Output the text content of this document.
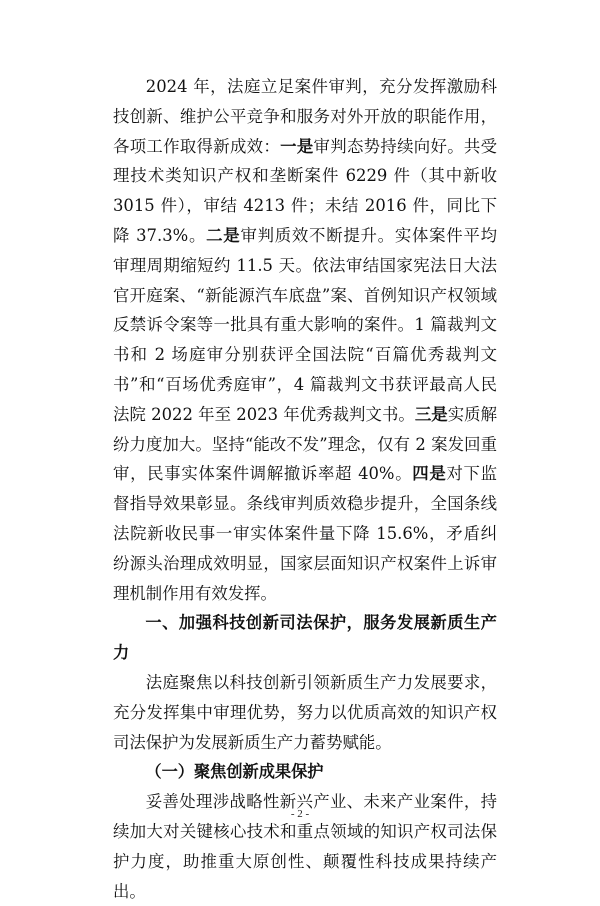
2024 年，法庭立足案件审判，充分发挥激励科技创新、维护公平竞争和服务对外开放的职能作用，各项工作取得新成效：一是审判态势持续向好。共受理技术类知识产权和垄断案件 6229 件（其中新收 3015 件），审结 4213 件；未结 2016 件，同比下降 37.3%。二是审判质效不断提升。实体案件平均审理周期缩短约 11.5 天。依法审结国家宪法日大法官开庭案、“新能源汽车底盘”案、首例知识产权领域反禁诉令案等一批具有重大影响的案件。1 篇裁判文书和 2 场庭审分别获评全国法院“百篇优秀裁判文书”和“百场优秀庭审”，4 篇裁判文书获评最高人民法院 2022 年至 2023 年优秀裁判文书。三是实质解纷力度加大。坚持“能改不发”理念，仅有 2 案发回重审，民事实体案件调解撤诉率超 40%。四是对下监督指导效果彰显。条线审判质效稳步提升，全国条线法院新收民事一审实体案件量下降 15.6%，矛盾纠纷源头治理成效明显，国家层面知识产权案件上诉审理机制作用有效发挥。

一、加强科技创新司法保护，服务发展新质生产力

法庭聚焦以科技创新引领新质生产力发展要求，充分发挥集中审理优势，努力以优质高效的知识产权司法保护为发展新质生产力蓄势赋能。

（一）聚焦创新成果保护

妥善处理涉战略性新兴产业、未来产业案件，持续加大对关键核心技术和重点领域的知识产权司法保护力度，助推重大原创性、颠覆性科技成果持续产出。

- 2 -
